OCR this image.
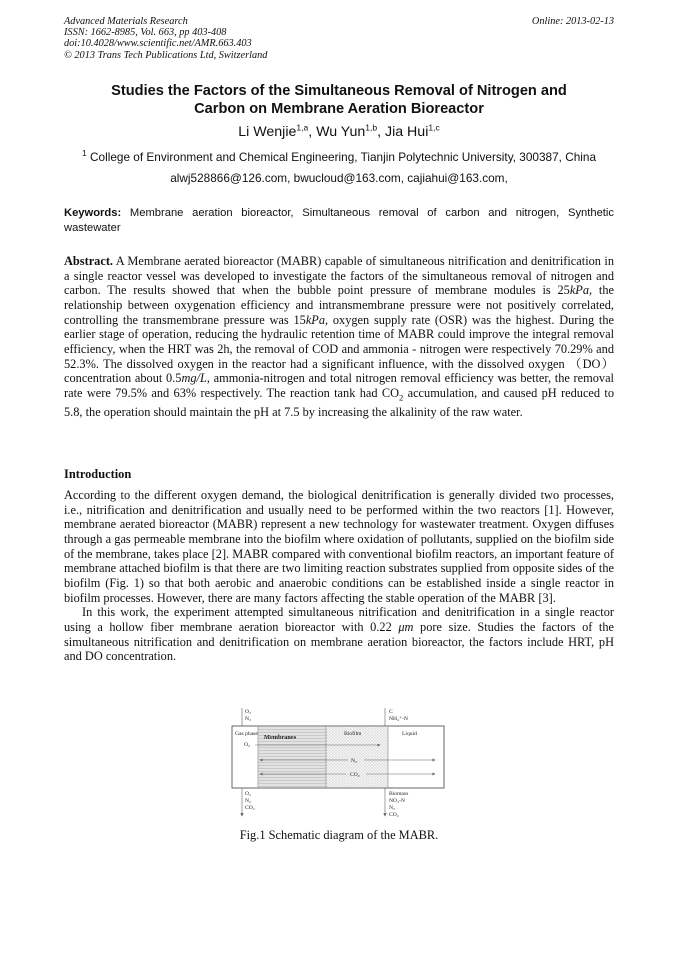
Advanced Materials Research
ISSN: 1662-8985, Vol. 663, pp 403-408
doi:10.4028/www.scientific.net/AMR.663.403
© 2013 Trans Tech Publications Ltd, Switzerland
Online: 2013-02-13
Studies the Factors of the Simultaneous Removal of Nitrogen and
Carbon on Membrane Aeration Bioreactor
Li Wenjie$^{1,a}$, Wu Yun$^{1,b}$, Jia Hui$^{1,c}$
$^1$ College of Environment and Chemical Engineering, Tianjin Polytechnic University, 300387, China
alwj528866@126.com, bwucloud@163.com, cajiahui@163.com,
Keywords: Membrane aeration bioreactor, Simultaneous removal of carbon and nitrogen, Synthetic wastewater

Abstract. A Membrane aerated bioreactor (MABR) capable of simultaneous nitrification and denitrification in a single reactor vessel was developed to investigate the factors of the simultaneous removal of nitrogen and carbon. The results showed that when the bubble point pressure of membrane modules is 25kPa, the relationship between oxygenation efficiency and intransmembrane pressure were not positively correlated, controlling the transmembrane pressure was 15kPa, oxygen supply rate (OSR) was the highest. During the earlier stage of operation, reducing the hydraulic retention time of MABR could improve the integral removal efficiency, when the HRT was 2h, the removal of COD and ammonia - nitrogen were respectively 70.29% and 52.3%. The dissolved oxygen in the reactor had a significant influence, with the dissolved oxygen （DO） concentration about 0.5mg/L, ammonia-nitrogen and total nitrogen removal efficiency was better, the removal rate were 79.5% and 63% respectively. The reaction tank had $CO_2$ accumulation, and caused pH reduced to 5.8, the operation should maintain the pH at 7.5 by increasing the alkalinity of the raw water.

Introduction

According to the different oxygen demand, the biological denitrification is generally divided two processes, i.e., nitrification and denitrification and usually need to be performed within the two reactors [1]. However, membrane aerated bioreactor (MABR) represent a new technology for wastewater treatment. Oxygen diffuses through a gas permeable membrane into the biofilm where oxidation of pollutants, supplied on the biofilm side of the membrane, takes place [2]. MABR compared with conventional biofilm reactors, an important feature of membrane attached biofilm is that there are two limiting reaction substrates supplied from opposite sides of the biofilm (Fig. 1) so that both aerobic and anaerobic conditions can be established inside a single reactor in biofilm processes. However, there are many factors affecting the stable operation of the MABR [3].

In this work, the experiment attempted simultaneous nitrification and denitrification in a single reactor using a hollow fiber membrane aeration bioreactor with 0.22 μm pore size. Studies the factors of the simultaneous nitrification and denitrification on membrane aeration bioreactor, the factors include HRT, pH and DO concentration.

O₂
N₂
C
NH₄⁺-N
Gas phase Membranes	Biofilm	Liquid
O₂
N₂
CO₂
O₂
N₂
CO₂
Biomass
NO₃-N
N₂
CO₂
Fig.1 Schematic diagram of the MABR.
